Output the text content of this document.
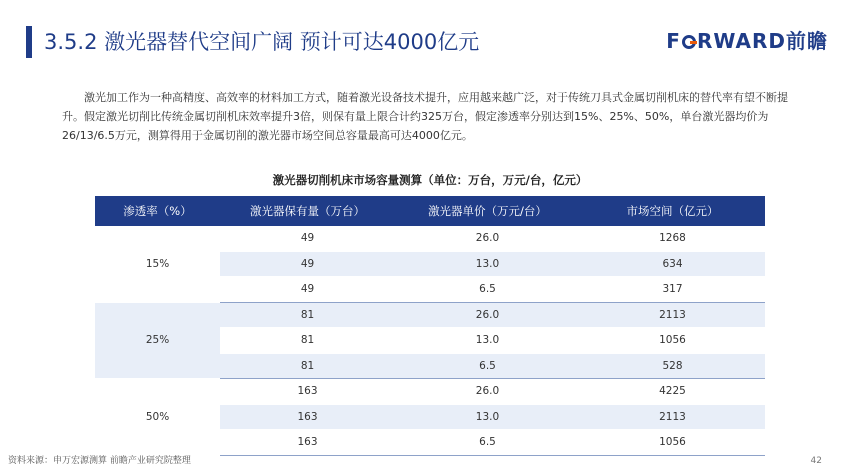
3.5.2 激光器替代空间广阔 预计可达4000亿元	F RWARD前瞻
激光加工作为一种高精度、高效率的材料加工方式，随着激光设备技术提升，应用越来越广泛，对于传统刀具式金属切削机床的替代率有望不断提升。假定激光切削比传统金属切削机床效率提升3倍，则保有量上限合计约325万台，假定渗透率分别达到15%、25%、50%，单台激光器均价为26/13/6.5万元，测算得用于金属切削的激光器市场空间总容量最高可达4000亿元。
激光器切削机床市场容量测算（单位：万台，万元/台，亿元）
渗透率（%）	激光器保有量（万台）	激光器单价（万元/台）	市场空间（亿元）
15%	49	26.0	1268
	49	13.0	634
	49	6.5	317
25%	81	26.0	2113
	81	13.0	1056
	81	6.5	528
50%	163	26.0	4225
	163	13.0	2113
	163	6.5	1056
资料来源：申万宏源测算 前瞻产业研究院整理	42
